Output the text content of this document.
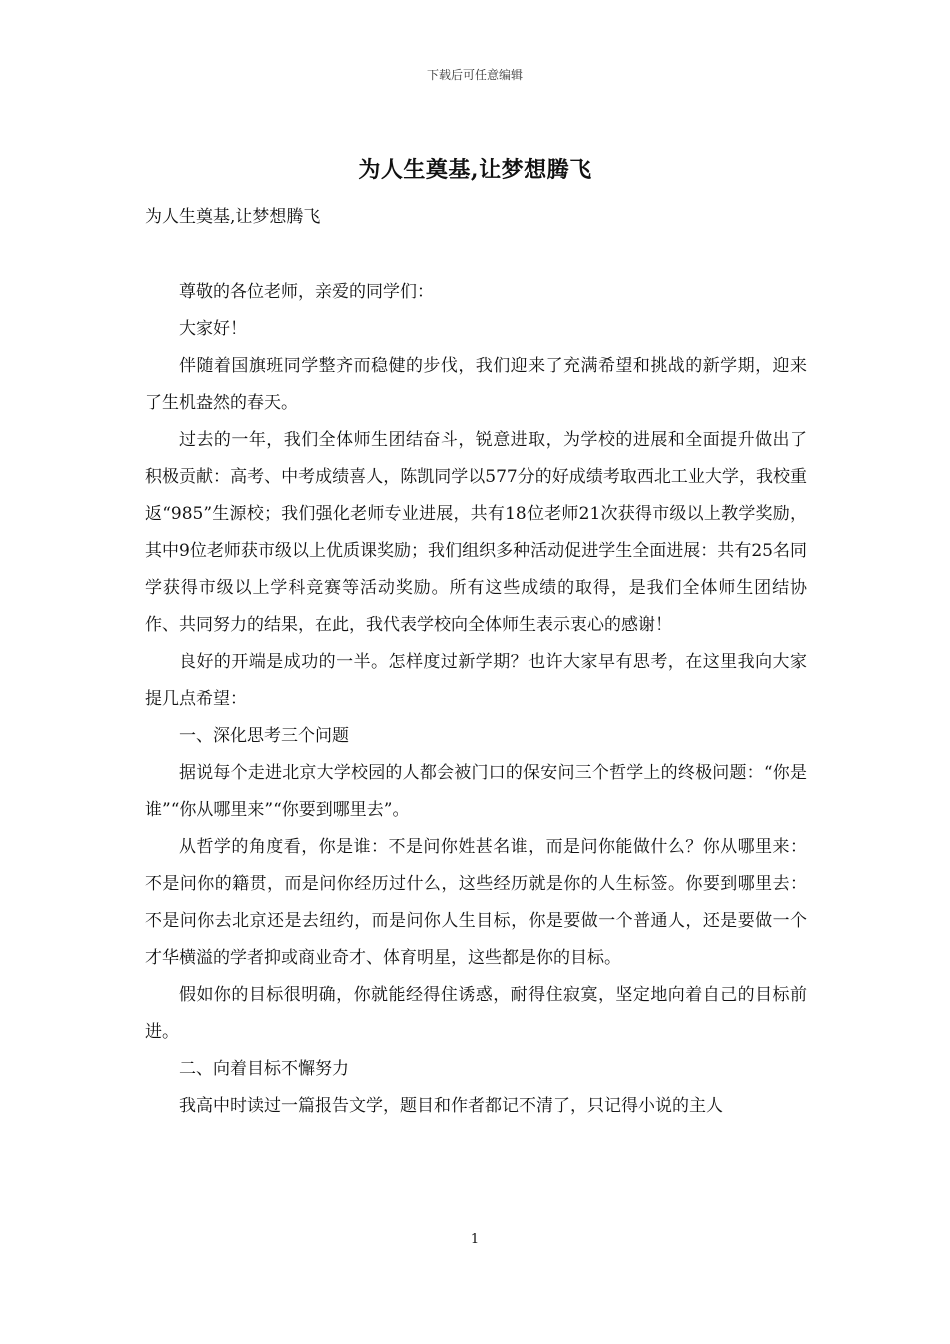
下载后可任意编辑
为人生奠基,让梦想腾飞
为人生奠基,让梦想腾飞

尊敬的各位老师，亲爱的同学们：

大家好！

伴随着国旗班同学整齐而稳健的步伐，我们迎来了充满希望和挑战的新学期，迎来了生机盎然的春天。

过去的一年，我们全体师生团结奋斗，锐意进取，为学校的进展和全面提升做出了积极贡献：高考、中考成绩喜人，陈凯同学以577分的好成绩考取西北工业大学，我校重返“985”生源校；我们强化老师专业进展，共有18位老师21次获得市级以上教学奖励，其中9位老师获市级以上优质课奖励；我们组织多种活动促进学生全面进展：共有25名同学获得市级以上学科竞赛等活动奖励。所有这些成绩的取得，是我们全体师生团结协作、共同努力的结果，在此，我代表学校向全体师生表示衷心的感谢！

良好的开端是成功的一半。怎样度过新学期？也许大家早有思考，在这里我向大家提几点希望：

一、深化思考三个问题

据说每个走进北京大学校园的人都会被门口的保安问三个哲学上的终极问题：“你是谁”“你从哪里来”“你要到哪里去”。

从哲学的角度看，你是谁：不是问你姓甚名谁，而是问你能做什么？你从哪里来：不是问你的籍贯，而是问你经历过什么，这些经历就是你的人生标签。你要到哪里去：不是问你去北京还是去纽约，而是问你人生目标，你是要做一个普通人，还是要做一个才华横溢的学者抑或商业奇才、体育明星，这些都是你的目标。

假如你的目标很明确，你就能经得住诱惑，耐得住寂寞，坚定地向着自己的目标前进。

二、向着目标不懈努力

我高中时读过一篇报告文学，题目和作者都记不清了，只记得小说的主人

1
